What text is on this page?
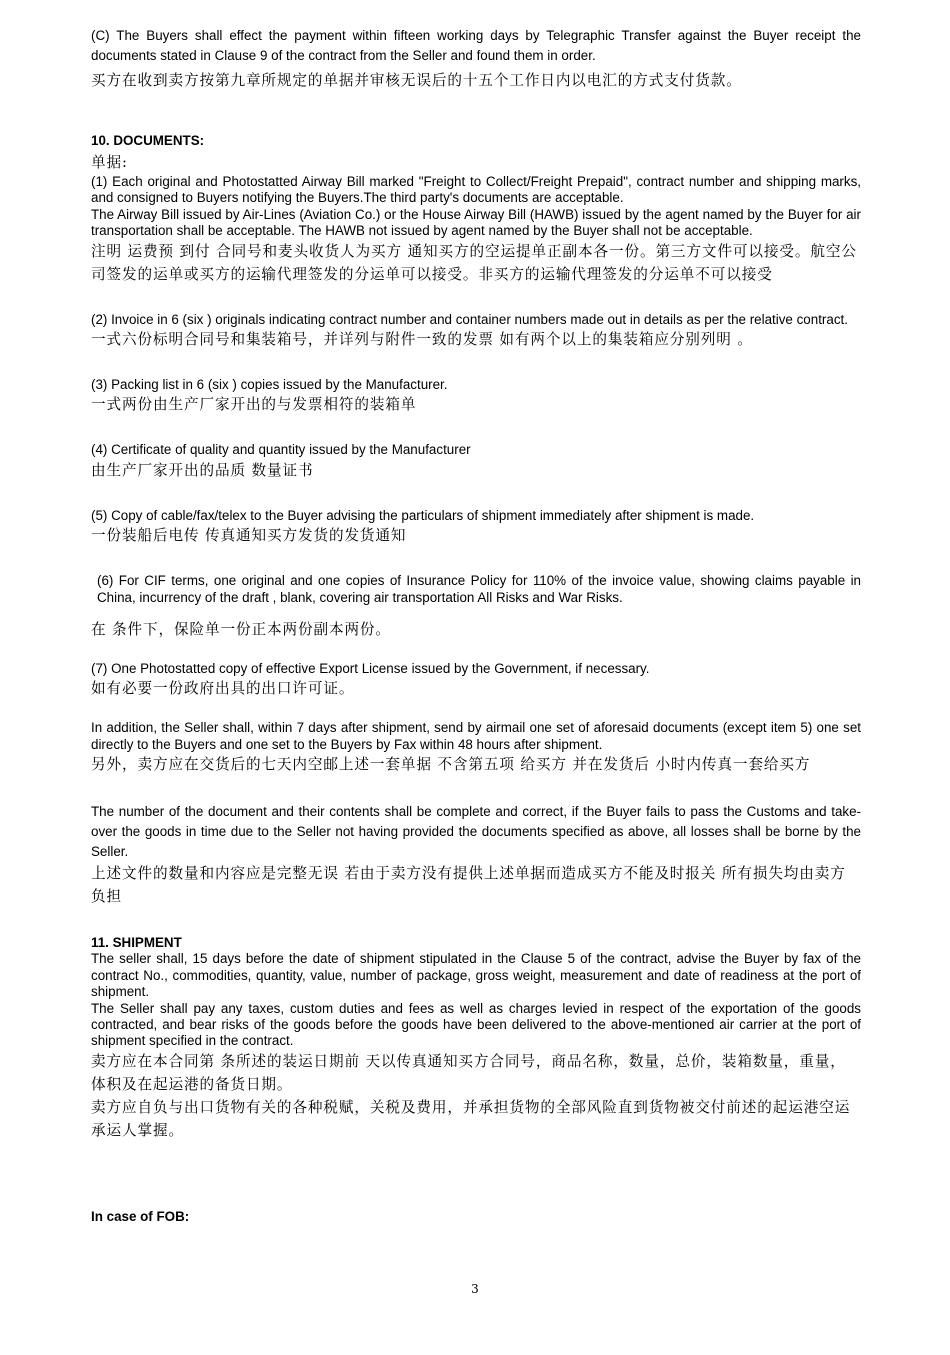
(C) The Buyers shall effect the payment within fifteen working days by Telegraphic Transfer against the Buyer receipt the documents stated in Clause 9 of the contract from the Seller and found them in order.

买方在收到卖方按第九章所规定的单据并审核无误后的十五个工作日内以电汇的方式支付货款。

10. DOCUMENTS:

单据:

(1) Each original and Photostatted Airway Bill marked "Freight to Collect/Freight Prepaid", contract number and shipping marks, and consigned to Buyers notifying the Buyers.The third party's documents are acceptable.

The Airway Bill issued by Air-Lines (Aviation Co.) or the House Airway Bill (HAWB) issued by the agent named by the Buyer for air transportation shall be acceptable. The HAWB not issued by agent named by the Buyer shall not be acceptable.

注明 运费预 到付 合同号和麦头收货人为买方 通知买方的空运提单正副本各一份。第三方文件可以接受。航空公司签发的运单或买方的运输代理签发的分运单可以接受。非买方的运输代理签发的分运单不可以接受

(2) Invoice in 6 (six ) originals indicating contract number and container numbers made out in details as per the relative contract.

一式六份标明合同号和集装箱号，并详列与附件一致的发票 如有两个以上的集装箱应分别列明 。

(3) Packing list in 6 (six ) copies issued by the Manufacturer.

一式两份由生产厂家开出的与发票相符的装箱单

(4) Certificate of quality and quantity issued by the Manufacturer

由生产厂家开出的品质 数量证书

(5) Copy of cable/fax/telex to the Buyer advising the particulars of shipment immediately after shipment is made.

一份装船后电传 传真通知买方发货的发货通知

(6) For CIF terms, one original and one copies of Insurance Policy for 110% of the invoice value, showing claims payable in China, incurrency of the draft , blank, covering air transportation All Risks and War Risks.

在 条件下，保险单一份正本两份副本两份。

(7) One Photostatted copy of effective Export License issued by the Government, if necessary.

如有必要一份政府出具的出口许可证。

In addition, the Seller shall, within 7 days after shipment, send by airmail one set of aforesaid documents (except item 5) one set directly to the Buyers and one set to the Buyers by Fax within 48 hours after shipment.

另外，卖方应在交货后的七天内空邮上述一套单据 不含第五项 给买方 并在发货后 小时内传真一套给买方

The number of the document and their contents shall be complete and correct, if the Buyer fails to pass the Customs and take-over the goods in time due to the Seller not having provided the documents specified as above, all losses shall be borne by the Seller.

上述文件的数量和内容应是完整无误 若由于卖方没有提供上述单据而造成买方不能及时报关 所有损失均由卖方负担

11. SHIPMENT

The seller shall, 15 days before the date of shipment stipulated in the Clause 5 of the contract, advise the Buyer by fax of the contract No., commodities, quantity, value, number of package, gross weight, measurement and date of readiness at the port of shipment.

The Seller shall pay any taxes, custom duties and fees as well as charges levied in respect of the exportation of the goods contracted, and bear risks of the goods before the goods have been delivered to the above-mentioned air carrier at the port of shipment specified in the contract.

卖方应在本合同第 条所述的装运日期前 天以传真通知买方合同号，商品名称，数量，总价，装箱数量，重量，体积及在起运港的备货日期。

卖方应自负与出口货物有关的各种税赋，关税及费用，并承担货物的全部风险直到货物被交付前述的起运港空运承运人掌握。

In case of FOB:

3
